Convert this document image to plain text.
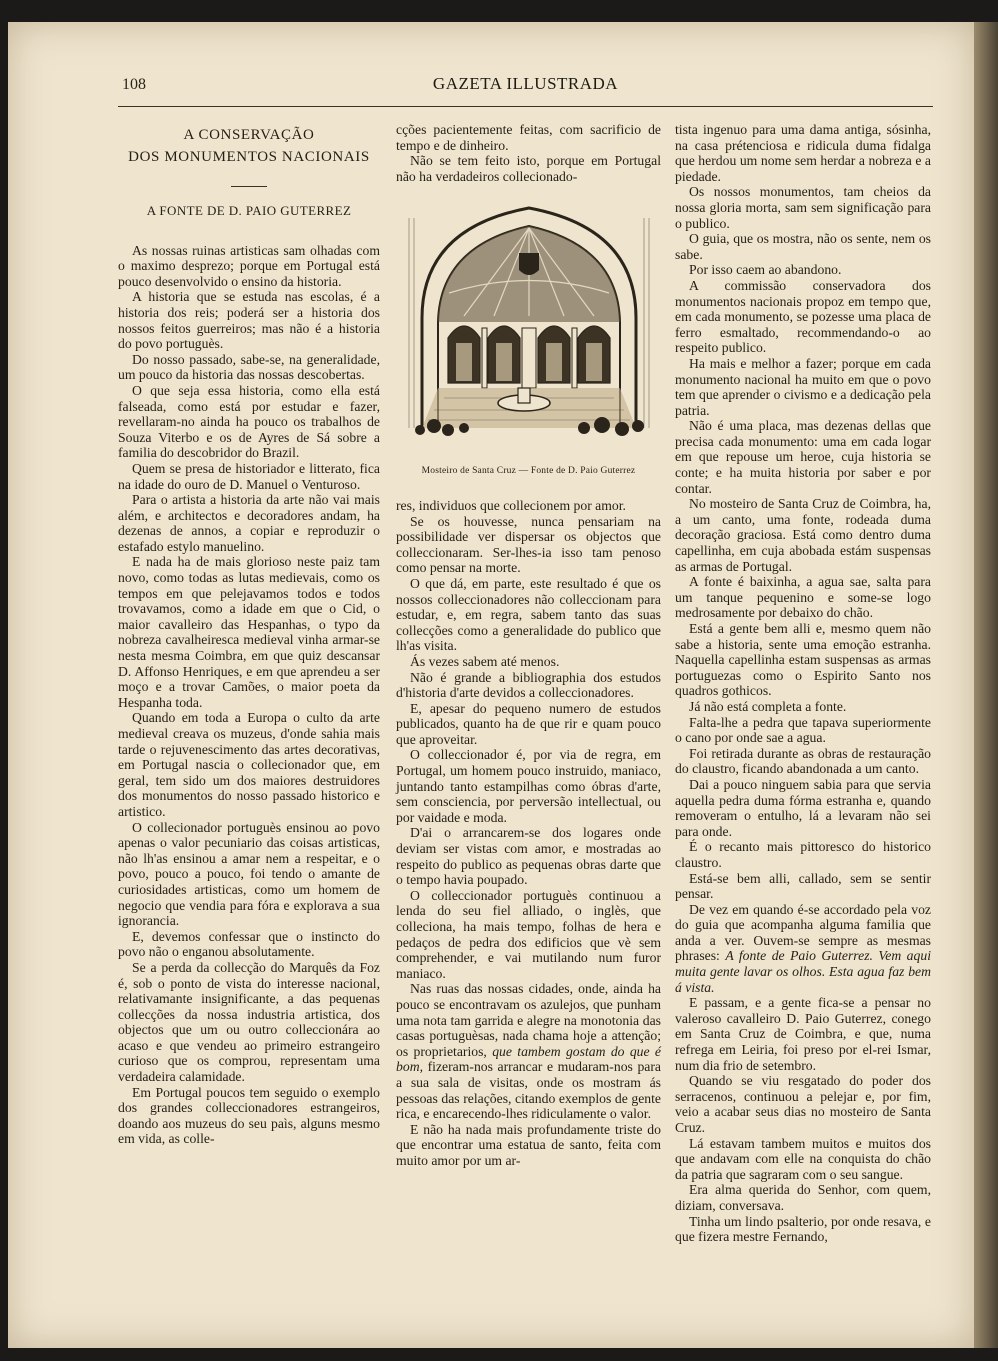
108	GAZETA ILLUSTRADA
A CONSERVAÇÃO
DOS MONUMENTOS NACIONAIS
A FONTE DE D. PAIO GUTERREZ

As nossas ruinas artisticas sam olhadas com o maximo desprezo; porque em Portugal está pouco desenvolvido o ensino da historia.

A historia que se estuda nas escolas, é a historia dos reis; poderá ser a historia dos nossos feitos guerreiros; mas não é a historia do povo portuguès.

Do nosso passado, sabe-se, na generalidade, um pouco da historia das nossas descobertas.

O que seja essa historia, como ella está falseada, como está por estudar e fazer, revellaram-no ainda ha pouco os trabalhos de Souza Viterbo e os de Ayres de Sá sobre a familia do descobridor do Brazil.

Quem se presa de historiador e litterato, fica na idade do ouro de D. Manuel o Venturoso.

Para o artista a historia da arte não vai mais além, e architectos e decoradores andam, ha dezenas de annos, a copiar e reproduzir o estafado estylo manuelino.

E nada ha de mais glorioso neste paiz tam novo, como todas as lutas medievais, como os tempos em que pelejavamos todos e todos trovavamos, como a idade em que o Cid, o maior cavalleiro das Hespanhas, o typo da nobreza cavalheiresca medieval vinha armar-se nesta mesma Coimbra, em que quiz descansar D. Affonso Henriques, e em que aprendeu a ser moço e a trovar Camões, o maior poeta da Hespanha toda.

Quando em toda a Europa o culto da arte medieval creava os muzeus, d'onde sahia mais tarde o rejuvenescimento das artes decorativas, em Portugal nascia o collecionador que, em geral, tem sido um dos maiores destruidores dos monumentos do nosso passado historico e artistico.

O collecionador portuguès ensinou ao povo apenas o valor pecuniario das coisas artisticas, não lh'as ensinou a amar nem a respeitar, e o povo, pouco a pouco, foi tendo o amante de curiosidades artisticas, como um homem de negocio que vendia para fóra e explorava a sua ignorancia.

E, devemos confessar que o instincto do povo não o enganou absolutamente.

Se a perda da collecção do Marquês da Foz é, sob o ponto de vista do interesse nacional, relativamante insignificante, a das pequenas collecções da nossa industria artistica, dos objectos que um ou outro colleccionára ao acaso e que vendeu ao primeiro estrangeiro curioso que os comprou, representam uma verdadeira calamidade.

Em Portugal poucos tem seguido o exemplo dos grandes colleccionadores estrangeiros, doando aos muzeus do seu paìs, alguns mesmo em vida, as colle-

cções pacientemente feitas, com sacrificio de tempo e de dinheiro.

Não se tem feito isto, porque em Portugal não ha verdadeiros collecionado-

Mosteiro de Santa Cruz — Fonte de D. Paio Guterrez

res, individuos que collecionem por amor.

Se os houvesse, nunca pensariam na possibilidade ver dispersar os objectos que colleccionaram. Ser-lhes-ia isso tam penoso como pensar na morte.

O que dá, em parte, este resultado é que os nossos colleccionadores não colleccionam para estudar, e, em regra, sabem tanto das suas collecções como a generalidade do publico que lh'as visita.

Ás vezes sabem até menos.

Não é grande a bibliographia dos estudos d'historia d'arte devidos a colleccionadores.

E, apesar do pequeno numero de estudos publicados, quanto ha de que rir e quam pouco que aproveitar.

O colleccionador é, por via de regra, em Portugal, um homem pouco instruido, maniaco, juntando tanto estampilhas como óbras d'arte, sem consciencia, por perversão intellectual, ou por vaidade e moda.

D'ai o arrancarem-se dos logares onde deviam ser vistas com amor, e mostradas ao respeito do publico as pequenas obras darte que o tempo havia poupado.

O colleccionador portuguès continuou a lenda do seu fiel alliado, o inglès, que colleciona, ha mais tempo, folhas de hera e pedaços de pedra dos edificios que vè sem comprehender, e vai mutilando num furor maniaco.

Nas ruas das nossas cidades, onde, ainda ha pouco se encontravam os azulejos, que punham uma nota tam garrida e alegre na monotonia das casas portuguèsas, nada chama hoje a attenção; os proprietarios, que tambem gostam do que é bom, fizeram-nos arrancar e mudaram-nos para a sua sala de visitas, onde os mostram ás pessoas das relações, citando exemplos de gente rica, e encarecendo-lhes ridiculamente o valor.

E não ha nada mais profundamente triste do que encontrar uma estatua de santo, feita com muito amor por um ar-

tista ingenuo para uma dama antiga, sósinha, na casa prétenciosa e ridicula duma fidalga que herdou um nome sem herdar a nobreza e a piedade.

Os nossos monumentos, tam cheios da nossa gloria morta, sam sem significação para o publico.

O guia, que os mostra, não os sente, nem os sabe.

Por isso caem ao abandono.

A commissão conservadora dos monumentos nacionais propoz em tempo que, em cada monumento, se pozesse uma placa de ferro esmaltado, recommendando-o ao respeito publico.

Ha mais e melhor a fazer; porque em cada monumento nacional ha muito em que o povo tem que aprender o civismo e a dedicação pela patria.

Não é uma placa, mas dezenas dellas que precisa cada monumento: uma em cada logar em que repouse um heroe, cuja historia se conte; e ha muita historia por saber e por contar.

No mosteiro de Santa Cruz de Coimbra, ha, a um canto, uma fonte, rodeada duma decoração graciosa. Está como dentro duma capellinha, em cuja abobada estám suspensas as armas de Portugal.

A fonte é baixinha, a agua sae, salta para um tanque pequenino e some-se logo medrosamente por debaixo do chão.

Está a gente bem alli e, mesmo quem não sabe a historia, sente uma emoção estranha. Naquella capellinha estam suspensas as armas portuguezas como o Espirito Santo nos quadros gothicos.

Já não está completa a fonte.

Falta-lhe a pedra que tapava superiormente o cano por onde sae a agua.

Foi retirada durante as obras de restauração do claustro, ficando abandonada a um canto.

Dai a pouco ninguem sabia para que servia aquella pedra duma fórma estranha e, quando removeram o entulho, lá a levaram não sei para onde.

É o recanto mais pittoresco do historico claustro.

Está-se bem alli, callado, sem se sentir pensar.

De vez em quando é-se accordado pela voz do guia que acompanha alguma familia que anda a ver. Ouvem-se sempre as mesmas phrases: A fonte de Paio Guterrez. Vem aqui muita gente lavar os olhos. Esta agua faz bem á vista.

E passam, e a gente fica-se a pensar no valeroso cavalleiro D. Paio Guterrez, conego em Santa Cruz de Coimbra, e que, numa refrega em Leiria, foi preso por el-rei Ismar, num dia frio de setembro.

Quando se viu resgatado do poder dos serracenos, continuou a pelejar e, por fim, veio a acabar seus dias no mosteiro de Santa Cruz.

Lá estavam tambem muitos e muitos dos que andavam com elle na conquista do chão da patria que sagraram com o seu sangue.

Era alma querida do Senhor, com quem, diziam, conversava.

Tinha um lindo psalterio, por onde resava, e que fizera mestre Fernando,
